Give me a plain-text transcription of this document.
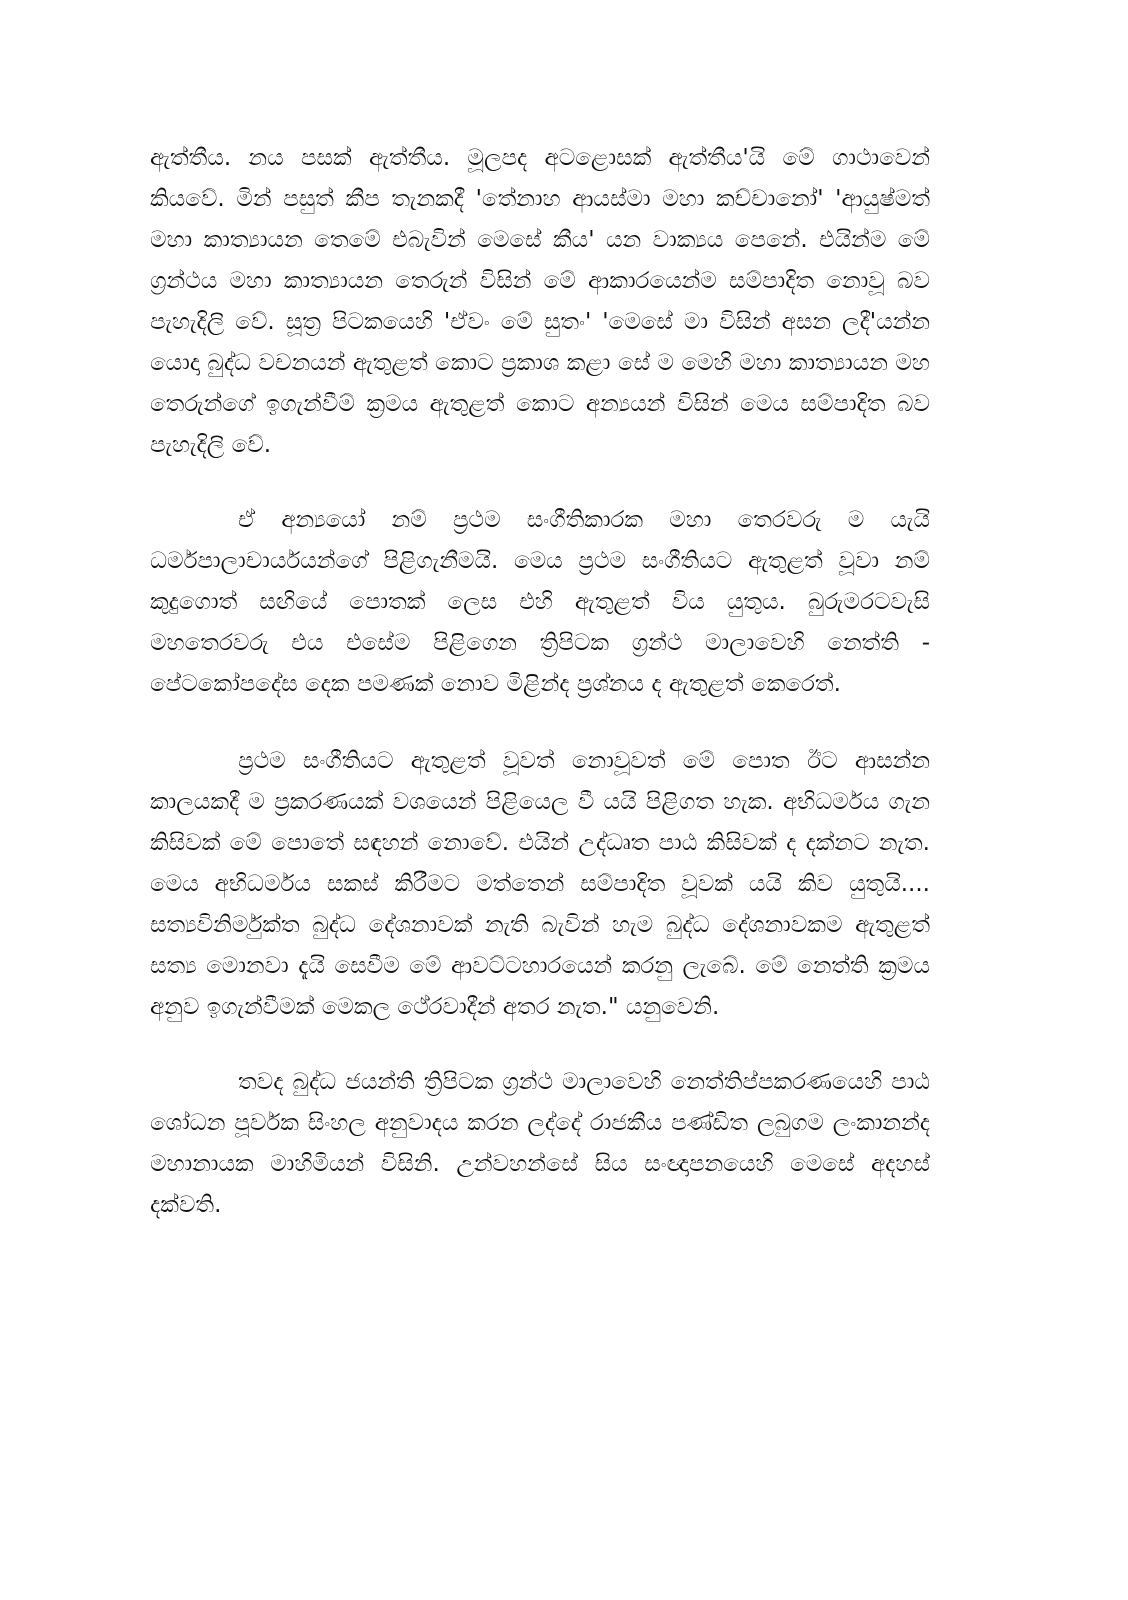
ඇත්තීය. නය පසක් ඇත්තීය. මූලපද අටළොසක් ඇත්තීය'යි මේ ගාථාවෙන් කියවේ. මින් පසුත් කීප තැනකදී 'තේනාහ ආයස්මා මහා කච්චානෝ' 'ආයුෂ්මත් මහා කාත්‍යායන තෙමේ එබැවින් මෙසේ කීය' යන වාක්‍යය පෙනේ. එයින්ම මේ ග්‍රන්ථය මහා කාත්‍යායන තෙරුන් විසින් මේ ආකාරයෙන්ම සම්පාදිත නොවූ බව පැහැදිලි වේ. සූත්‍ර පිටකයෙහි 'ඒවං මේ සුතං' 'මෙසේ මා විසින් අසන ලදී'යන්න යොදා බුද්ධ වචනයන් ඇතුළත් කොට ප්‍රකාශ කළා සේ ම මෙහි මහා කාත්‍යායන මහ තෙරුන්ගේ ඉගැන්වීම් ක්‍රමය ඇතුළත් කොට අන්‍යයන් විසින් මෙය සම්පාදිත බව පැහැදිලි වේ.

ඒ අන්‍යයෝ නම් ප්‍රථම සංගීතිකාරක මහා තෙරවරු ම යැයි ධර්මපාලාචාර්යයන්ගේ පිළිගැනීමයි. මෙය ප්‍රථම සංගීතියට ඇතුළත් වූවා නම් කුදුගොත් සඟියේ පොතක් ලෙස එහි ඇතුළත් විය යුතුය. බුරුමරටවැසි මහතෙරවරු එය එසේම පිළිගෙන ත්‍රිපිටක ග්‍රන්ථ මාලාවෙහි නෙත්ති - පේටකෝපදේස දෙක පමණක් නොව මිළින්ද ප්‍රශ්නය ද ඇතුළත් කෙරෙත්.

ප්‍රථම සංගීතියට ඇතුළත් වූවත් නොවූවත් මේ පොත ඊට ආසන්න කාලයකදී ම ප්‍රකරණයක් වශයෙන් පිළියෙල වී යයි පිළිගත හැක. අභිධර්මය ගැන කිසිවක් මේ පොතේ සඳහන් නොවේ. එයින් උද්ධෘත පාඨ කිසිවක් ද දක්නට නැත. මෙය අභිධර්මය සකස් කිරීමට මත්තෙන් සම්පාදිත වූවක් යයි කිව යුතුයි.... සත්‍යවිනිර්මුක්ත බුද්ධ දේශනාවක් නැති බැවින් හැම බුද්ධ දේශනාවකම ඇතුළත් සත්‍ය මොනවා දැයි සෙවීම මේ ආවට්ටහාරයෙන් කරනු ලැබේ. මේ නෙත්ති ක්‍රමය අනුව ඉගැන්වීමක් මෙකල ථේරවාදීන් අතර නැත." යනුවෙනි.

තවද බුද්ධ ජයන්ති ත්‍රිපිටක ග්‍රන්ථ මාලාවෙහි නෙත්තිප්පකරණයෙහි පාඨ ශෝධන පූර්වක සිංහල අනුවාදය කරන ලද්දේ රාජකීය පණ්ඩිත ලබුගම ලංකානන්ද මහානායක මාහිමියන් විසිනි. උන්වහන්සේ සිය සංඥාපනයෙහි මෙසේ අදහස් දක්වති.
